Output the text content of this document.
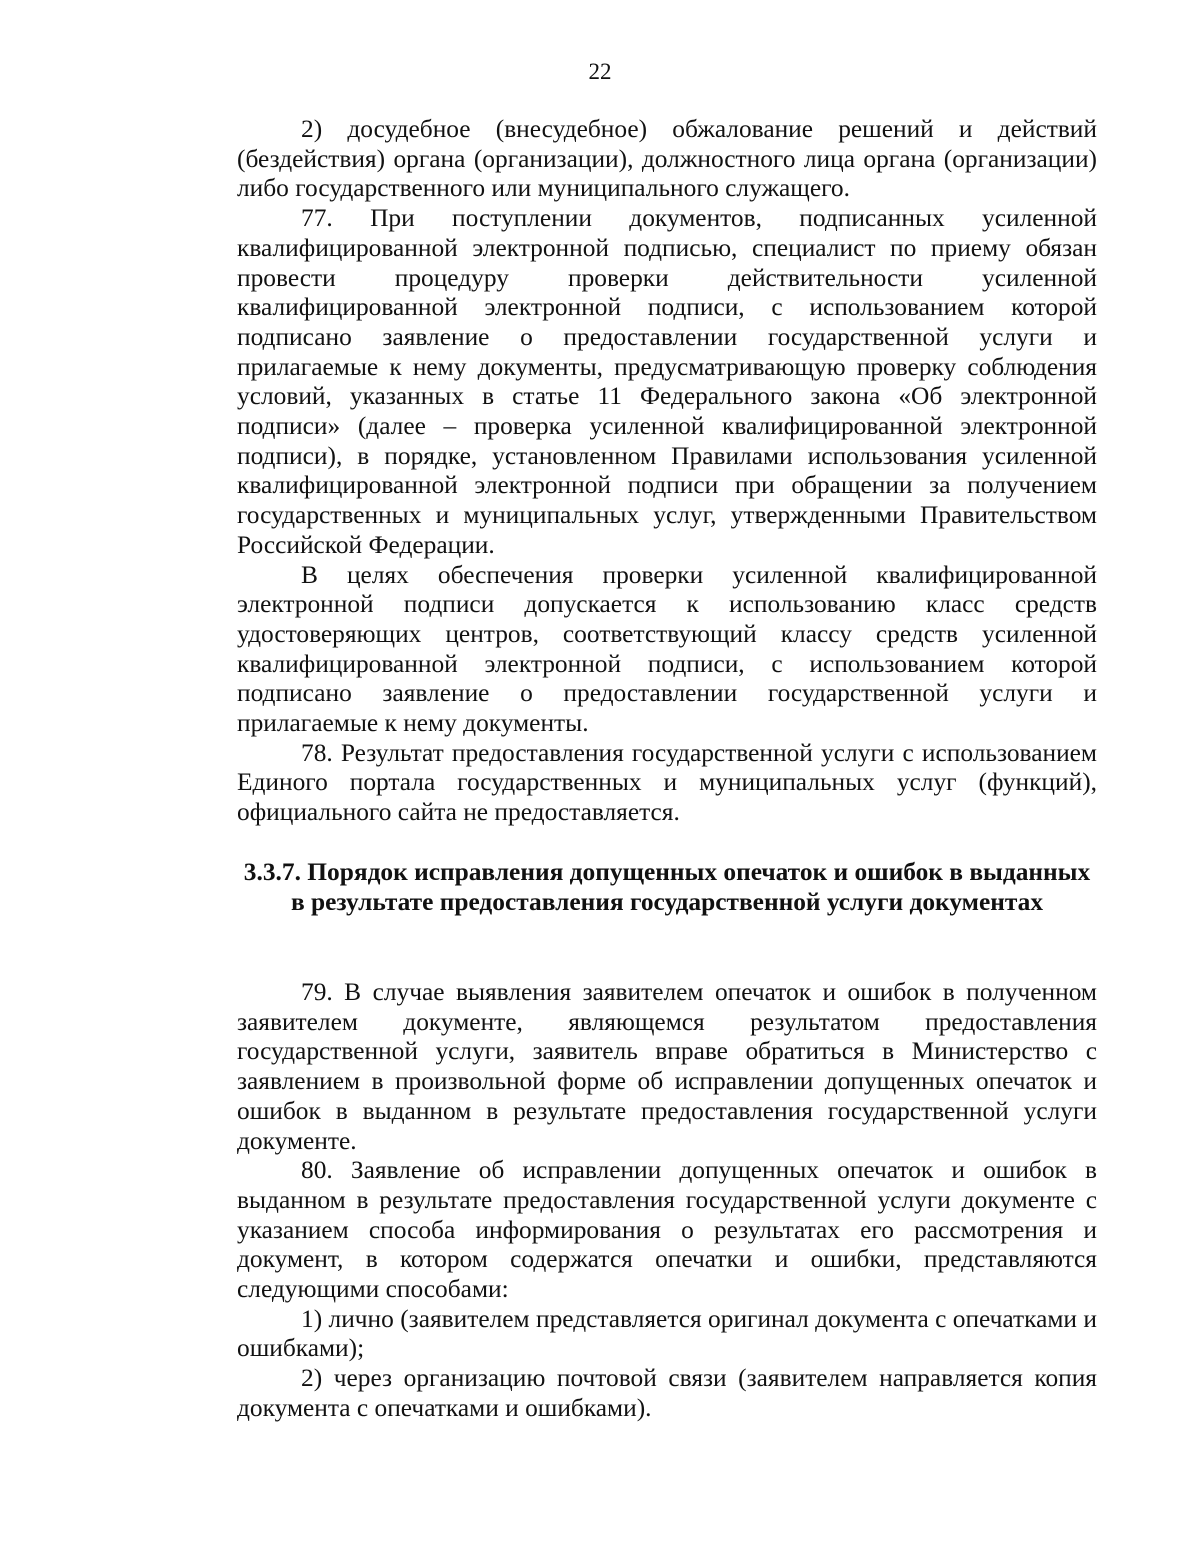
22

2) досудебное (внесудебное) обжалование решений и действий (бездействия) органа (организации), должностного лица органа (организации) либо государственного или муниципального служащего.

77. При поступлении документов, подписанных усиленной квалифицированной электронной подписью, специалист по приему обязан провести процедуру проверки действительности усиленной квалифицированной электронной подписи, с использованием которой подписано заявление о предоставлении государственной услуги и прилагаемые к нему документы, предусматривающую проверку соблюдения условий, указанных в статье 11 Федерального закона «Об электронной подписи» (далее – проверка усиленной квалифицированной электронной подписи), в порядке, установленном Правилами использования усиленной квалифицированной электронной подписи при обращении за получением государственных и муниципальных услуг, утвержденными Правительством Российской Федерации.

В целях обеспечения проверки усиленной квалифицированной электронной подписи допускается к использованию класс средств удостоверяющих центров, соответствующий классу средств усиленной квалифицированной электронной подписи, с использованием которой подписано заявление о предоставлении государственной услуги и прилагаемые к нему документы.

78. Результат предоставления государственной услуги с использованием Единого портала государственных и муниципальных услуг (функций), официального сайта не предоставляется.

3.3.7. Порядок исправления допущенных опечаток и ошибок в выданных в результате предоставления государственной услуги документах

79. В случае выявления заявителем опечаток и ошибок в полученном заявителем документе, являющемся результатом предоставления государственной услуги, заявитель вправе обратиться в Министерство с заявлением в произвольной форме об исправлении допущенных опечаток и ошибок в выданном в результате предоставления государственной услуги документе.

80. Заявление об исправлении допущенных опечаток и ошибок в выданном в результате предоставления государственной услуги документе с указанием способа информирования о результатах его рассмотрения и документ, в котором содержатся опечатки и ошибки, представляются следующими способами:

1) лично (заявителем представляется оригинал документа с опечатками и ошибками);

2) через организацию почтовой связи (заявителем направляется копия документа с опечатками и ошибками).
